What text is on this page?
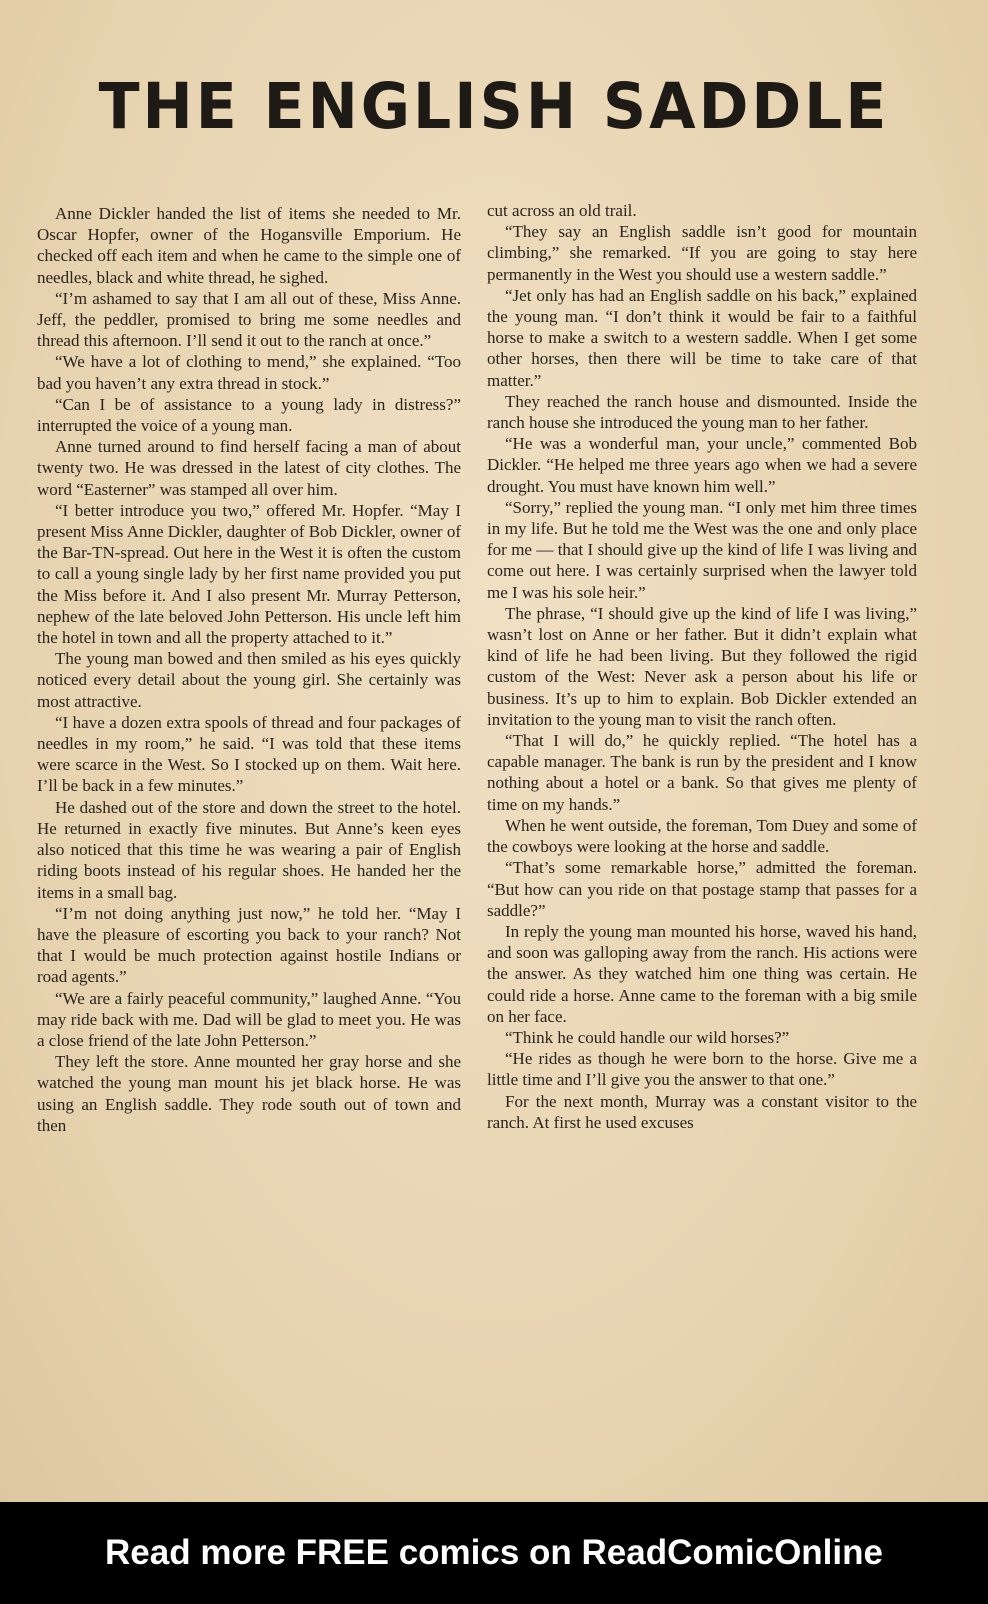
THE ENGLISH SADDLE

Anne Dickler handed the list of items she needed to Mr. Oscar Hopfer, owner of the Hogansville Emporium. He checked off each item and when he came to the simple one of needles, black and white thread, he sighed.

“I’m ashamed to say that I am all out of these, Miss Anne. Jeff, the peddler, promised to bring me some needles and thread this afternoon. I’ll send it out to the ranch at once.”

“We have a lot of clothing to mend,” she explained. “Too bad you haven’t any extra thread in stock.”

“Can I be of assistance to a young lady in distress?” interrupted the voice of a young man.

Anne turned around to find herself facing a man of about twenty two. He was dressed in the latest of city clothes. The word “Easterner” was stamped all over him.

“I better introduce you two,” offered Mr. Hopfer. “May I present Miss Anne Dickler, daughter of Bob Dickler, owner of the Bar-TN-spread. Out here in the West it is often the custom to call a young single lady by her first name provided you put the Miss before it. And I also present Mr. Murray Petterson, nephew of the late beloved John Petterson. His uncle left him the hotel in town and all the property attached to it.”

The young man bowed and then smiled as his eyes quickly noticed every detail about the young girl. She certainly was most attractive.

“I have a dozen extra spools of thread and four packages of needles in my room,” he said. “I was told that these items were scarce in the West. So I stocked up on them. Wait here. I’ll be back in a few minutes.”

He dashed out of the store and down the street to the hotel. He returned in exactly five minutes. But Anne’s keen eyes also noticed that this time he was wearing a pair of English riding boots instead of his regular shoes. He handed her the items in a small bag.

“I’m not doing anything just now,” he told her. “May I have the pleasure of escorting you back to your ranch? Not that I would be much protection against hostile Indians or road agents.”

“We are a fairly peaceful community,” laughed Anne. “You may ride back with me. Dad will be glad to meet you. He was a close friend of the late John Petterson.”

They left the store. Anne mounted her gray horse and she watched the young man mount his jet black horse. He was using an English saddle. They rode south out of town and then

cut across an old trail.

“They say an English saddle isn’t good for mountain climbing,” she remarked. “If you are going to stay here permanently in the West you should use a western saddle.”

“Jet only has had an English saddle on his back,” explained the young man. “I don’t think it would be fair to a faithful horse to make a switch to a western saddle. When I get some other horses, then there will be time to take care of that matter.”

They reached the ranch house and dismounted. Inside the ranch house she introduced the young man to her father.

“He was a wonderful man, your uncle,” commented Bob Dickler. “He helped me three years ago when we had a severe drought. You must have known him well.”

“Sorry,” replied the young man. “I only met him three times in my life. But he told me the West was the one and only place for me — that I should give up the kind of life I was living and come out here. I was certainly surprised when the lawyer told me I was his sole heir.”

The phrase, “I should give up the kind of life I was living,” wasn’t lost on Anne or her father. But it didn’t explain what kind of life he had been living. But they followed the rigid custom of the West: Never ask a person about his life or business. It’s up to him to explain. Bob Dickler extended an invitation to the young man to visit the ranch often.

“That I will do,” he quickly replied. “The hotel has a capable manager. The bank is run by the president and I know nothing about a hotel or a bank. So that gives me plenty of time on my hands.”

When he went outside, the foreman, Tom Duey and some of the cowboys were looking at the horse and saddle.

“That’s some remarkable horse,” admitted the foreman. “But how can you ride on that postage stamp that passes for a saddle?”

In reply the young man mounted his horse, waved his hand, and soon was galloping away from the ranch. His actions were the answer. As they watched him one thing was certain. He could ride a horse. Anne came to the foreman with a big smile on her face.

“Think he could handle our wild horses?”

“He rides as though he were born to the horse. Give me a little time and I’ll give you the answer to that one.”

For the next month, Murray was a constant visitor to the ranch. At first he used excuses

Read more FREE comics on ReadComicOnline
